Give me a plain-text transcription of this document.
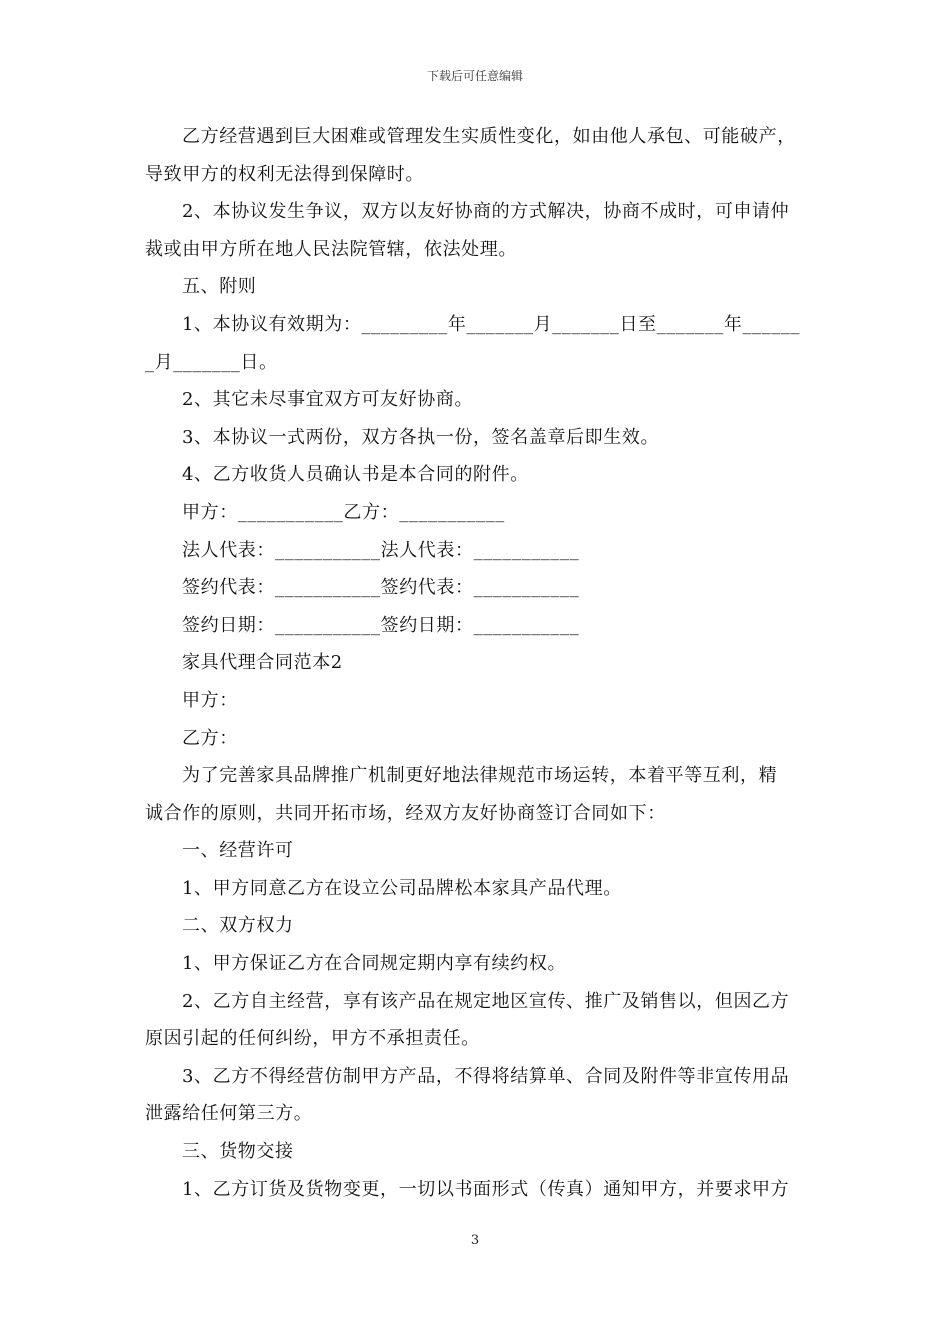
下载后可任意编辑
乙方经营遇到巨大困难或管理发生实质性变化，如由他人承包、可能破产，
导致甲方的权利无法得到保障时。
2、本协议发生争议，双方以友好协商的方式解决，协商不成时，可申请仲
裁或由甲方所在地人民法院管辖，依法处理。
五、附则
1、本协议有效期为：_________年_______月_______日至_______年______
_月_______日。
2、其它未尽事宜双方可友好协商。
3、本协议一式两份，双方各执一份，签名盖章后即生效。
4、乙方收货人员确认书是本合同的附件。
甲方：___________乙方：___________
法人代表：___________法人代表：___________
签约代表：___________签约代表：___________
签约日期：___________签约日期：___________
家具代理合同范本2
甲方：
乙方：
为了完善家具品牌推广机制更好地法律规范市场运转，本着平等互利，精
诚合作的原则，共同开拓市场，经双方友好协商签订合同如下：
一、经营许可
1、甲方同意乙方在设立公司品牌松本家具产品代理。
二、双方权力
1、甲方保证乙方在合同规定期内享有续约权。
2、乙方自主经营，享有该产品在规定地区宣传、推广及销售以，但因乙方
原因引起的任何纠纷，甲方不承担责任。
3、乙方不得经营仿制甲方产品，不得将结算单、合同及附件等非宣传用品
泄露给任何第三方。
三、货物交接
1、乙方订货及货物变更，一切以书面形式（传真）通知甲方，并要求甲方
3
